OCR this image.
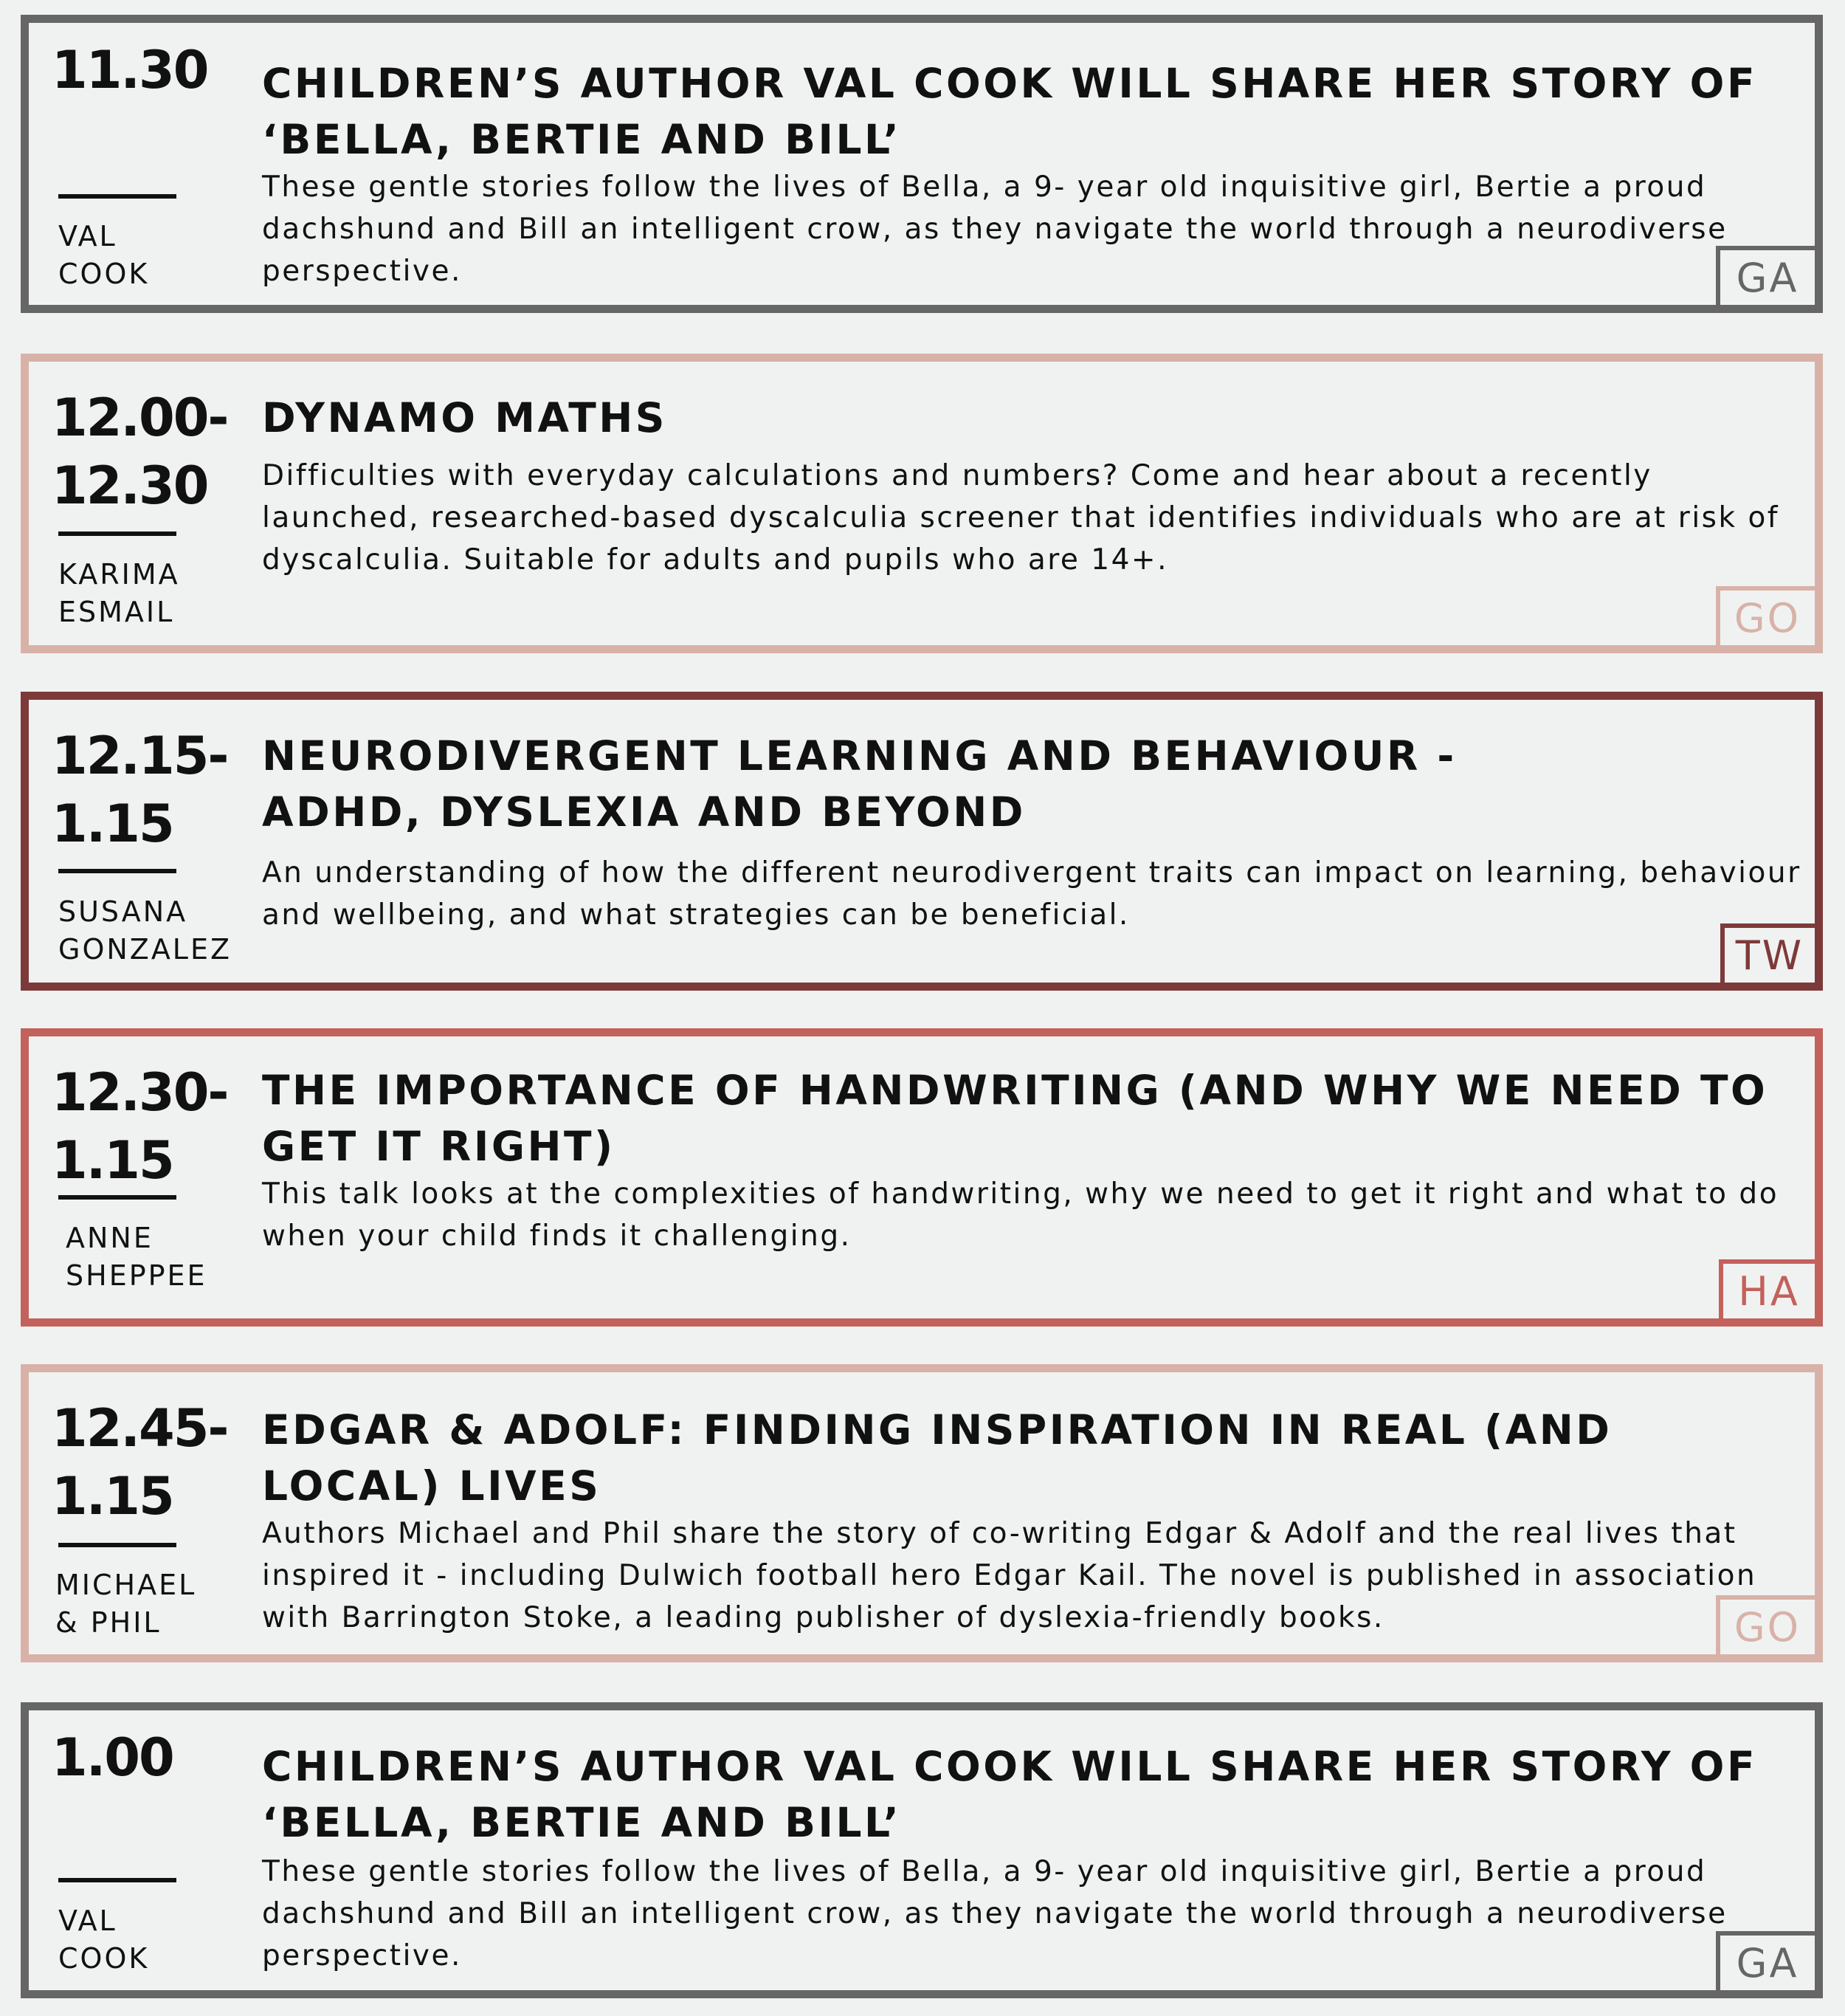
11.30
VAL
COOK
CHILDREN’S AUTHOR VAL COOK WILL SHARE HER STORY OF ‘BELLA, BERTIE AND BILL’

These gentle stories follow the lives of Bella, a 9- year old inquisitive girl, Bertie a proud dachshund and Bill an intelligent crow, as they navigate the world through a neurodiverse perspective.	GA
12.00-
12.30
KARIMA
ESMAIL
DYNAMO MATHS

Difficulties with everyday calculations and numbers? Come and hear about a recently launched, researched-based dyscalculia screener that identifies individuals who are at risk of dyscalculia. Suitable for adults and pupils who are 14+.

GO
12.15-
1.15
SUSANA
GONZALEZ
NEURODIVERGENT LEARNING AND BEHAVIOUR - ADHD, DYSLEXIA AND BEYOND

An understanding of how the different neurodivergent traits can impact on learning, behaviour and wellbeing, and what strategies can be beneficial.

TW
12.30-
1.15
ANNE
SHEPPEE
THE IMPORTANCE OF HANDWRITING (AND WHY WE NEED TO GET IT RIGHT)

This talk looks at the complexities of handwriting, why we need to get it right and what to do when your child finds it challenging.

HA
12.45-
1.15
MICHAEL
& PHIL
EDGAR & ADOLF: FINDING INSPIRATION IN REAL (AND LOCAL) LIVES

Authors Michael and Phil share the story of co-writing Edgar & Adolf and the real lives that inspired it - including Dulwich football hero Edgar Kail. The novel is published in association with Barrington Stoke, a leading publisher of dyslexia-friendly books.	GO
1.00
VAL
COOK
CHILDREN’S AUTHOR VAL COOK WILL SHARE HER STORY OF ‘BELLA, BERTIE AND BILL’

These gentle stories follow the lives of Bella, a 9- year old inquisitive girl, Bertie a proud dachshund and Bill an intelligent crow, as they navigate the world through a neurodiverse perspective.	GA
